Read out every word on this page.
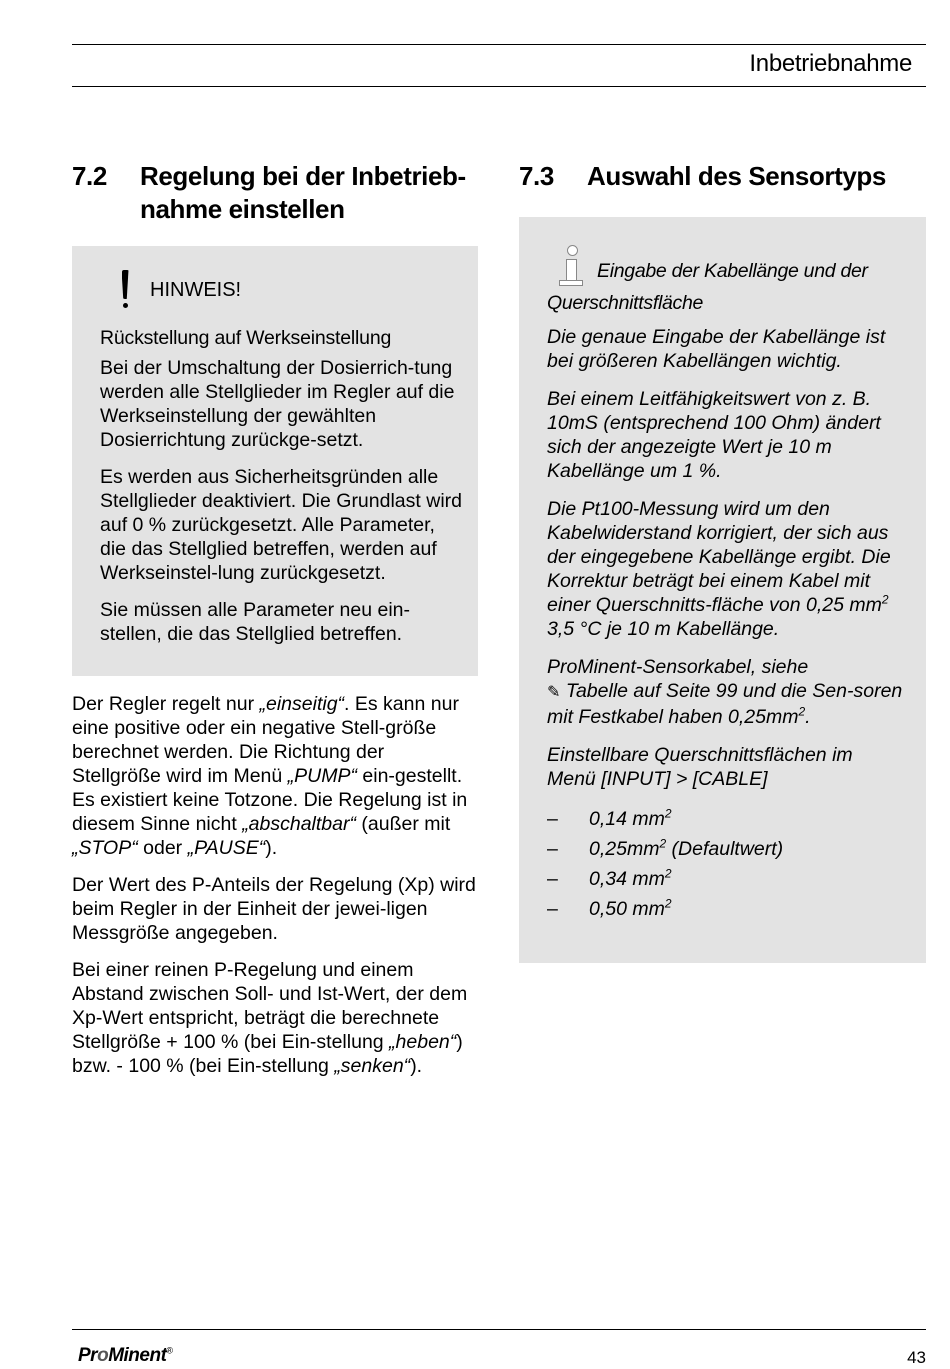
Inbetriebnahme
7.2	Regelung bei der Inbetrieb-nahme einstellen
HINWEIS!
Rückstellung auf Werkseinstellung

Bei der Umschaltung der Dosierrich-tung werden alle Stellglieder im Regler auf die Werkseinstellung der gewählten Dosierrichtung zurückge-setzt.

Es werden aus Sicherheitsgründen alle Stellglieder deaktiviert. Die Grundlast wird auf 0 % zurückgesetzt. Alle Parameter, die das Stellglied betreffen, werden auf Werkseinstel-lung zurückgesetzt.

Sie müssen alle Parameter neu ein-stellen, die das Stellglied betreffen.

Der Regler regelt nur „einseitig“. Es kann nur eine positive oder ein negative Stell-größe berechnet werden. Die Richtung der Stellgröße wird im Menü „PUMP“ ein-gestellt. Es existiert keine Totzone. Die Regelung ist in diesem Sinne nicht „abschaltbar“ (außer mit „STOP“ oder „PAUSE“).

Der Wert des P-Anteils der Regelung (Xp) wird beim Regler in der Einheit der jewei-ligen Messgröße angegeben.

Bei einer reinen P-Regelung und einem Abstand zwischen Soll- und Ist-Wert, der dem Xp-Wert entspricht, beträgt die berechnete Stellgröße + 100 % (bei Ein-stellung „heben“) bzw. - 100 % (bei Ein-stellung „senken“).

7.3	Auswahl des Sensortyps
Eingabe der Kabellänge und der Querschnittsfläche

Die genaue Eingabe der Kabellänge ist bei größeren Kabellängen wichtig.

Bei einem Leitfähigkeitswert von z. B. 10mS (entsprechend 100 Ohm) ändert sich der angezeigte Wert je 10 m Kabellänge um 1 %.

Die Pt100-Messung wird um den Kabelwiderstand korrigiert, der sich aus der eingegebene Kabellänge ergibt. Die Korrektur beträgt bei einem Kabel mit einer Querschnitts-fläche von 0,25 $mm^2$ 3,5 °C je 10 m Kabellänge.

ProMinent-Sensorkabel, siehe
✎ Tabelle auf Seite 99 und die Sen-soren mit Festkabel haben $0,25mm^2$.

Einstellbare Querschnittsflächen im Menü [INPUT] > [CABLE]

–	0,14 $mm^2$
–	$0,25mm^2$ (Defaultwert)
–	0,34 $mm^2$
–	0,50 $mm^2$
ProMinent®	43
